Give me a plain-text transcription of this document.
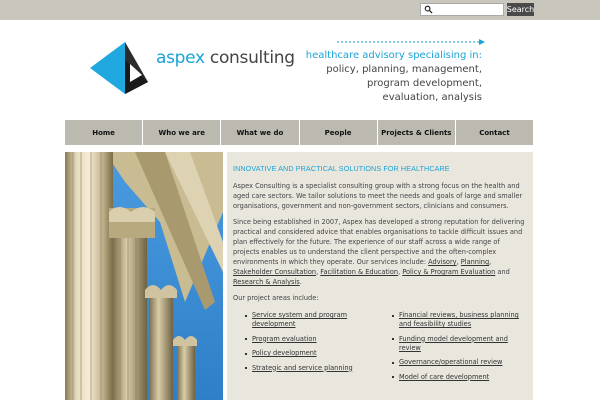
Search
aspex consulting healthcare advisory specialising in:
policy, planning, management,
program development,
evaluation, analysis
Home	Who we are	What we do	People	Projects & Clients	Contact
INNOVATIVE AND PRACTICAL SOLUTIONS FOR HEALTHCARE

Aspex Consulting is a specialist consulting group with a strong focus on the health and aged care sectors. We tailor solutions to meet the needs and goals of large and smaller organisations, government and non-government sectors, clinicians and consumers.

Since being established in 2007, Aspex has developed a strong reputation for delivering practical and considered advice that enables organisations to tackle difficult issues and plan effectively for the future. The experience of our staff across a wide range of projects enables us to understand the client perspective and the often-complex environments in which they operate. Our services include: Advisory, Planning, Stakeholder Consultation, Facilitation & Education, Policy & Program Evaluation and Research & Analysis.

Our project areas include:

Service system and program development
Program evaluation
Policy development
Strategic and service planning
Financial reviews, business planning and feasibility studies
Funding model development and review
Governance/operational review
Model of care development
